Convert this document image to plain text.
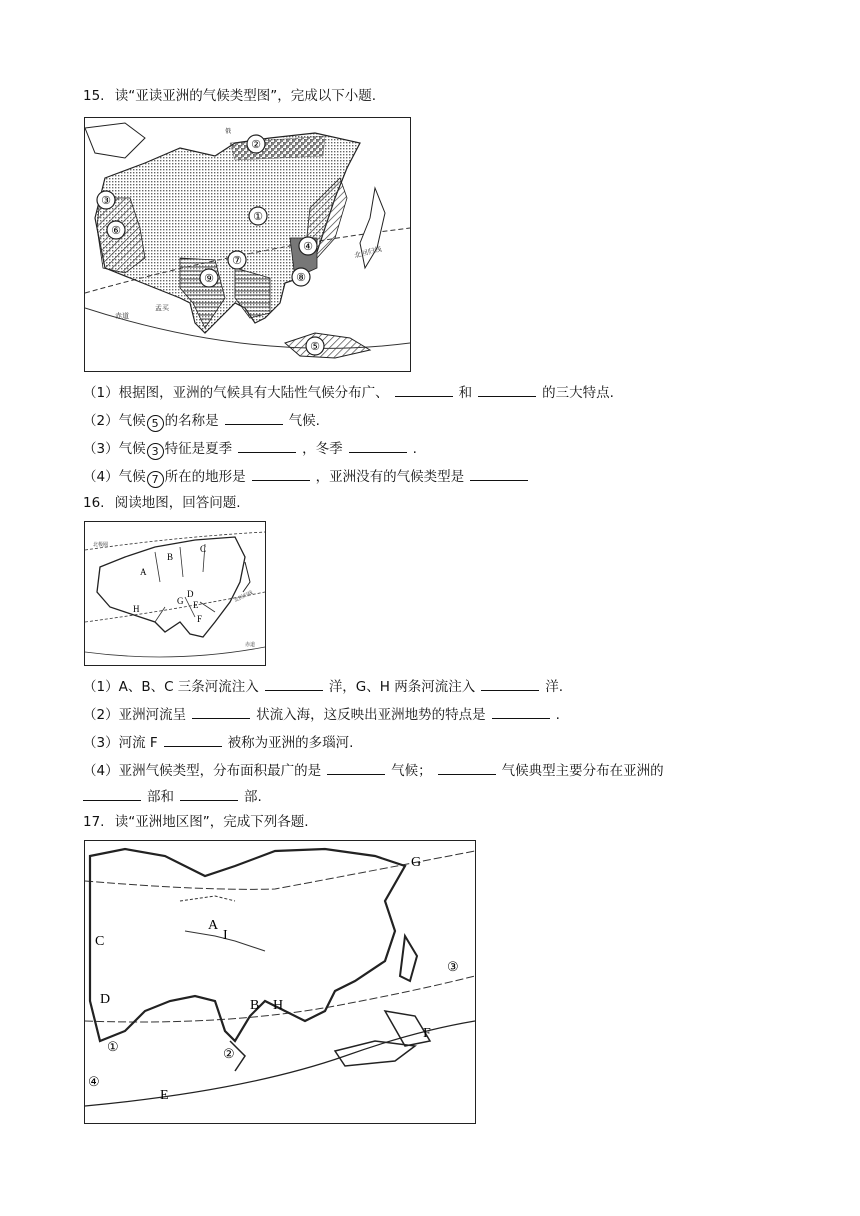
15. 读“亚读亚洲的气候类型图”，完成以下小题.
①
②
③
④
⑤
⑥
⑦
⑧
⑨
北回归线
赤道
孟买
俄
（1）根据图，亚洲的气候具有大陆性气候分布广、	和	的三大特点.
（2）气候 5 的名称是	气候.
（3）气候 3 特征是夏季	，冬季	.
（4）气候 7 所在的地形是	，亚洲没有的气候类型是
16. 阅读地图，回答问题.
A
B
C
D
E
F
G
H
北回归线
赤道
北极圈
（1）A、B、C 三条河流注入	洋，G、H 两条河流注入	洋.
（2）亚洲河流呈	状流入海，这反映出亚洲地势的特点是	.
（3）河流 F	被称为亚洲的多瑙河.
（4）亚洲气候类型，分布面积最广的是	气候；	气候典型主要分布在亚洲的
部和	部.
17. 读“亚洲地区图”，完成下列各题.
A
I
C
D	B H
G
F
E
①	②
③
④
